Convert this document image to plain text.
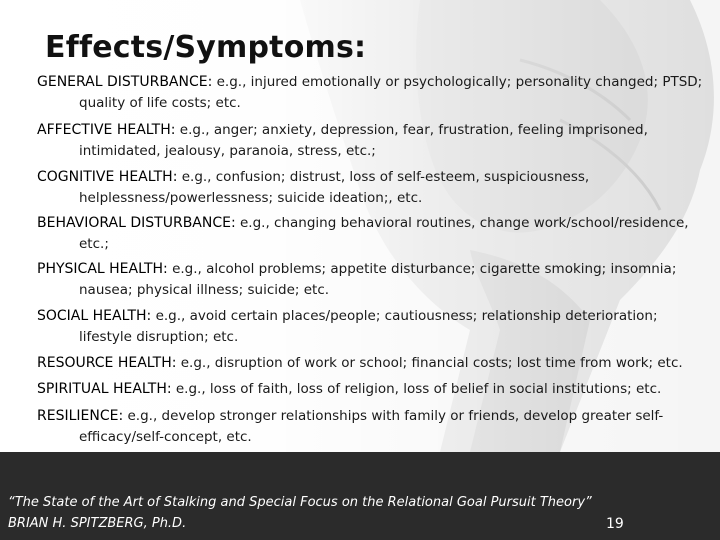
Effects/Symptoms:
GENERAL DISTURBANCE: e.g., injured emotionally or psychologically; personality changed; PTSD;
quality of life costs; etc.
AFFECTIVE HEALTH: e.g., anger; anxiety, depression, fear, frustration, feeling imprisoned,
intimidated, jealousy, paranoia, stress, etc.;
COGNITIVE HEALTH: e.g., confusion; distrust, loss of self-esteem, suspiciousness,
helplessness/powerlessness; suicide ideation;, etc.
BEHAVIORAL DISTURBANCE: e.g., changing behavioral routines, change work/school/residence,
etc.;
PHYSICAL HEALTH: e.g., alcohol problems; appetite disturbance; cigarette smoking; insomnia;
nausea; physical illness; suicide; etc.
SOCIAL HEALTH: e.g., avoid certain places/people; cautiousness; relationship deterioration;
lifestyle disruption; etc.
RESOURCE HEALTH: e.g., disruption of work or school; financial costs; lost time from work; etc.
SPIRITUAL HEALTH: e.g., loss of faith, loss of religion, loss of belief in social institutions; etc.
RESILIENCE: e.g., develop stronger relationships with family or friends, develop greater self-
efficacy/self-concept, etc.
“The State of the Art of Stalking and Special Focus on the Relational Goal Pursuit Theory”
BRIAN H. SPITZBERG, Ph.D.	19
